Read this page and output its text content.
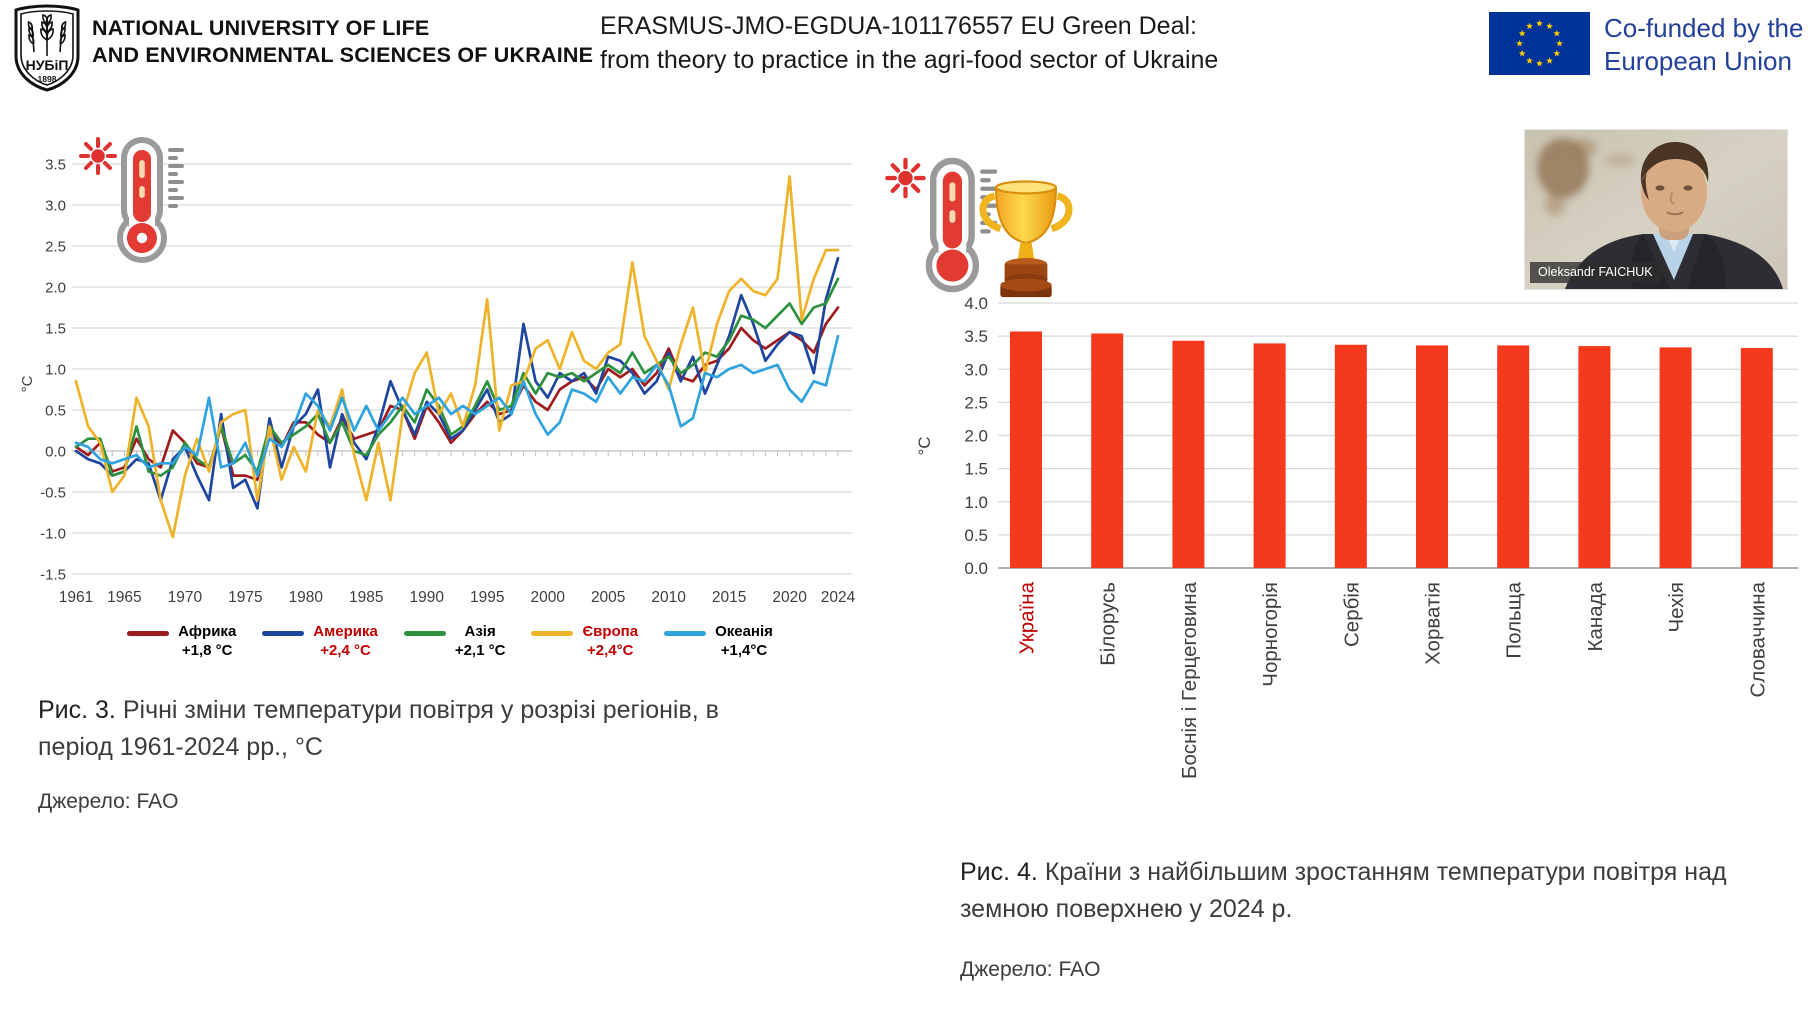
НУБіП
1898
NATIONAL UNIVERSITY OF LIFE
AND ENVIRONMENTAL SCIENCES OF UKRAINE
ERASMUS-JMO-EGDUA-101176557 EU Green Deal:
from theory to practice in the agri-food sector of Ukraine
Co-funded by the
European Union
3.5
3.0
2.5
2.0
1.5
1.0
0.5
0.0
-0.5
-1.0
-1.5
1961 1965 1970 1975 1980 1985 1990 1995 2000 2005 2010 2015 2020 2024
°С
Африка
+1,8 °С
Америка
+2,4 °С
Азія
+2,1 °С
Європа
+2,4°С
Океанія
+1,4°С
Рис. 3. Річні зміни температури повітря у розрізі регіонів, в період 1961-2024 рр., °С
Джерело: FAO
4.0
3.5
3.0
2.5
2.0
1.5
1.0
0.5
0.0
°С
Україна	Білорусь	Боснія і Герцеговина	Чорногорія	Сербія	Хорватія	Польща	Канада	Чехія	Словаччина
Рис. 4. Країни з найбільшим зростанням температури повітря над земною поверхнею у 2024 р.
Джерело: FAO
Oleksandr FAICHUK
